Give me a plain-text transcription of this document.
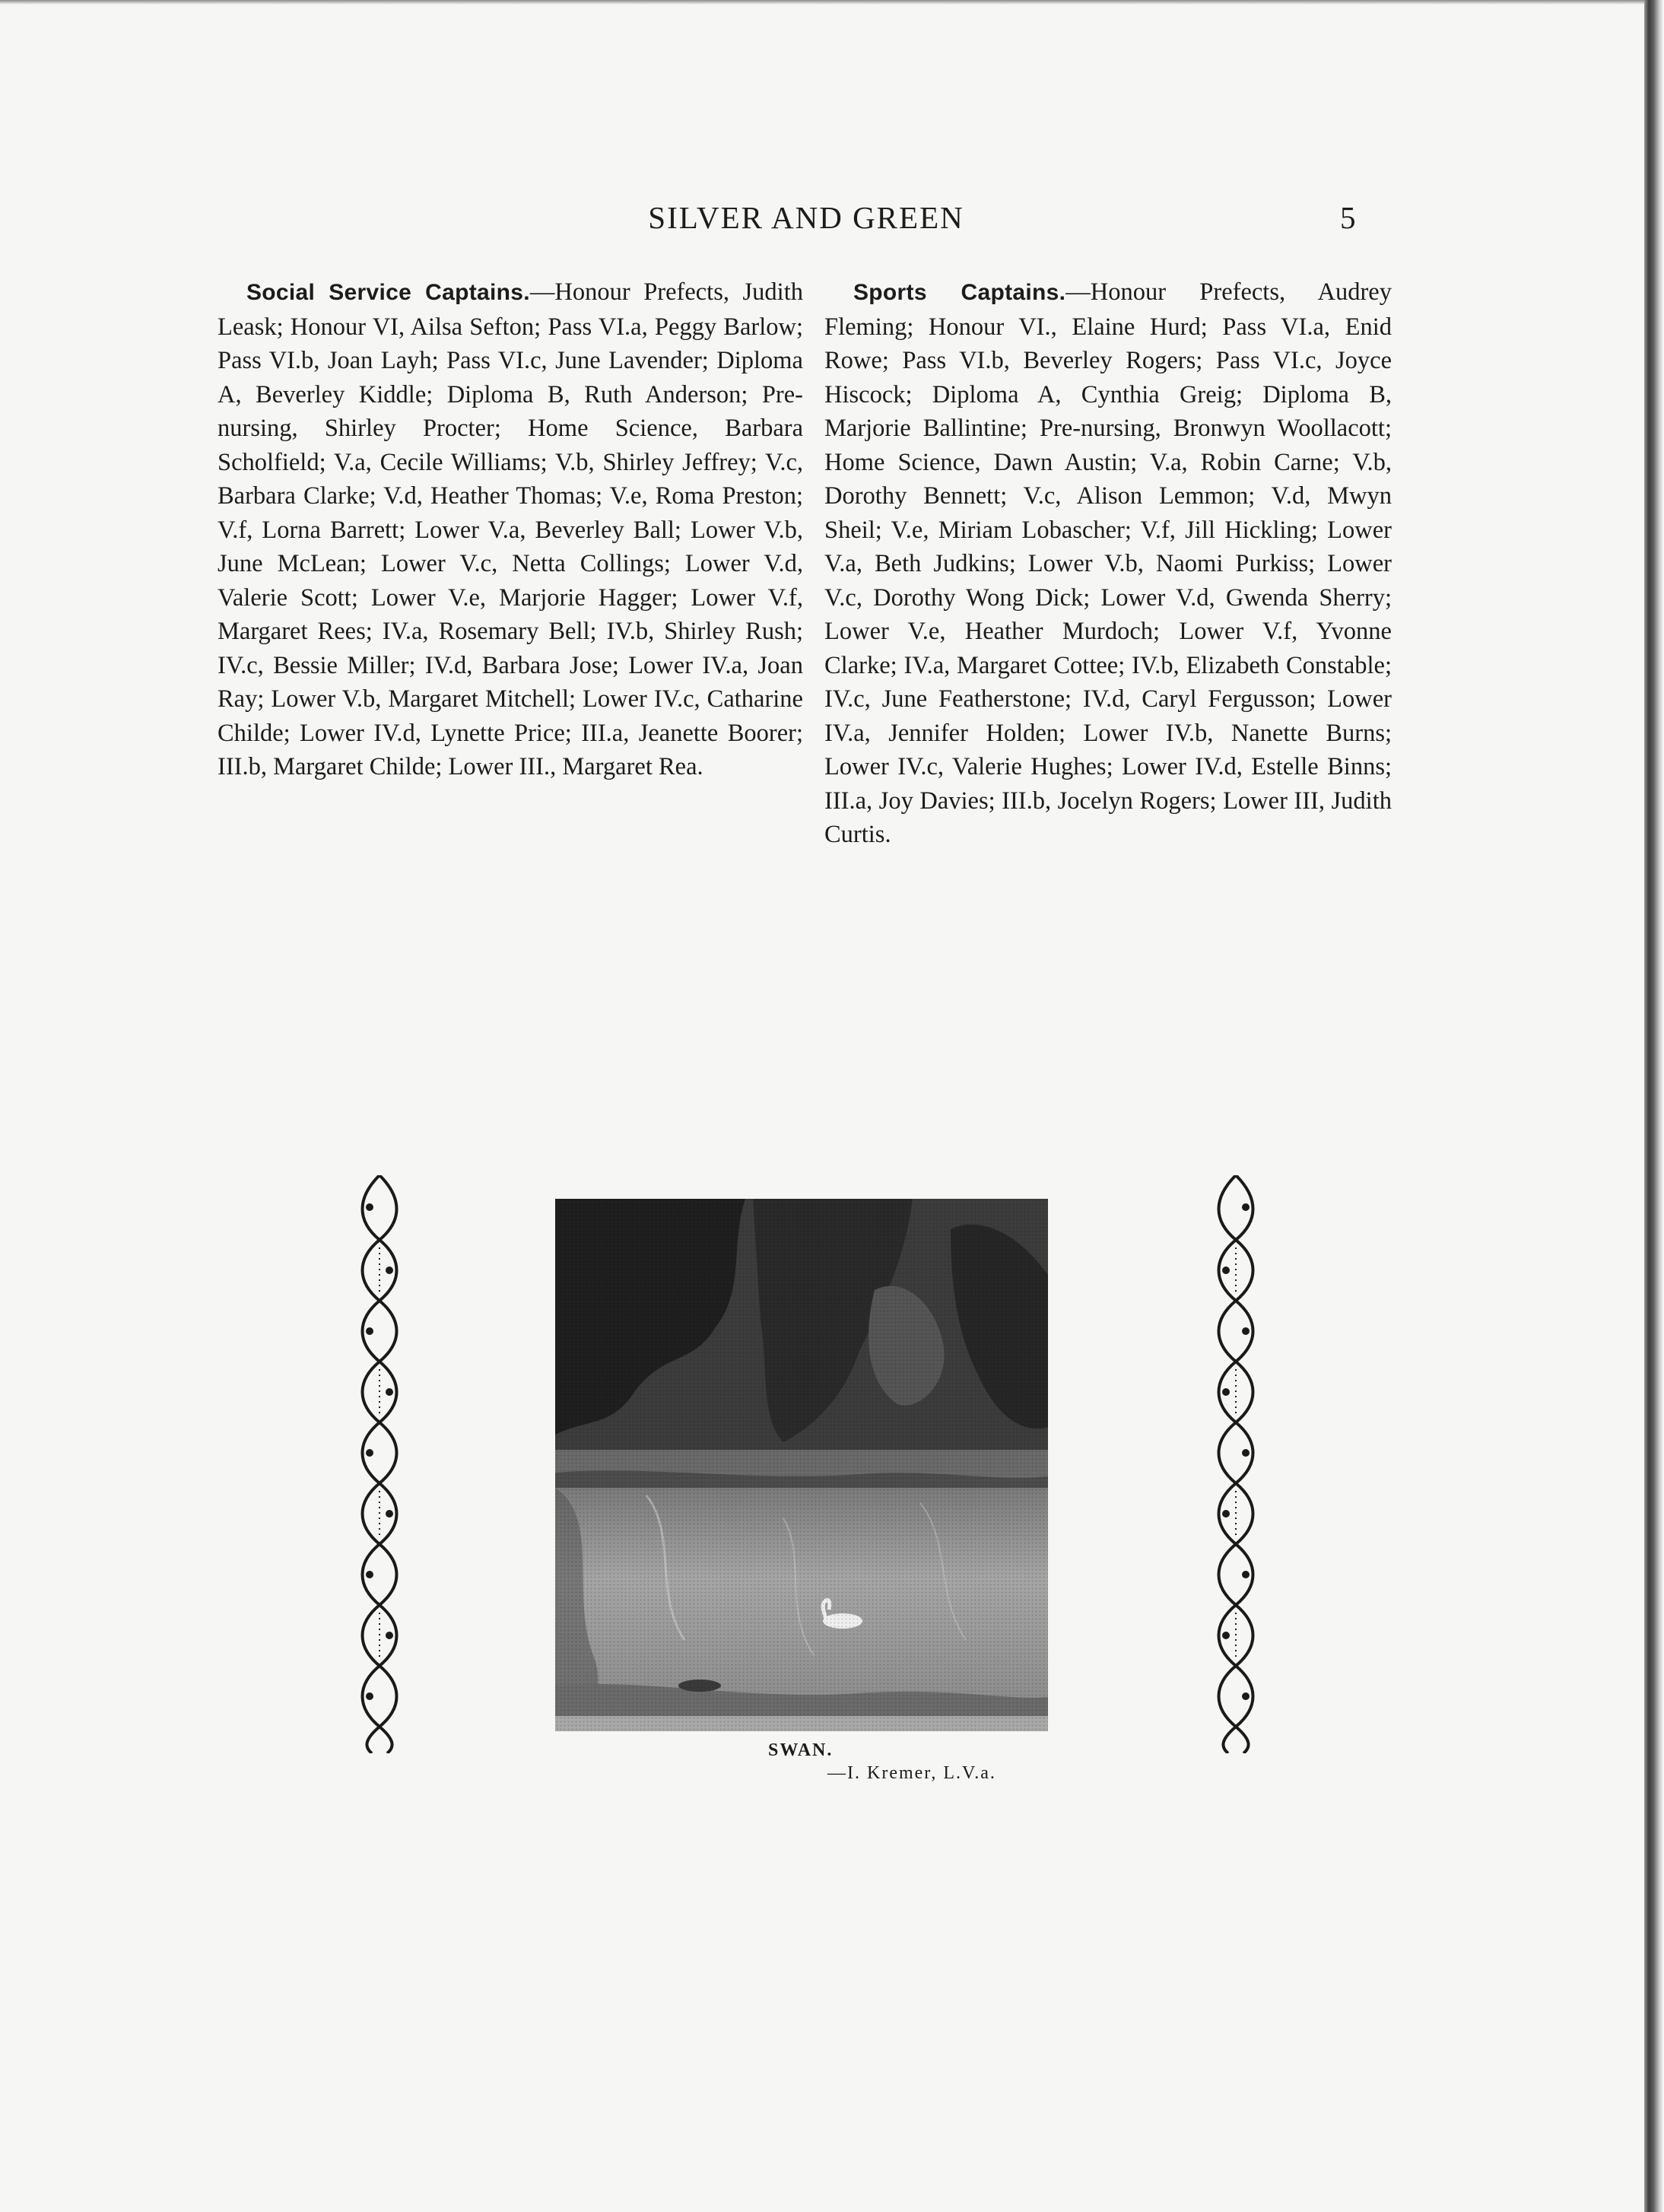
SILVER AND GREEN	5

Social Service Captains.—Honour Prefects, Judith Leask; Honour VI, Ailsa Sefton; Pass VI.a, Peggy Barlow; Pass VI.b, Joan Layh; Pass VI.c, June Lavender; Diploma A, Beverley Kiddle; Diploma B, Ruth Anderson; Pre-nursing, Shirley Procter; Home Science, Barbara Scholfield; V.a, Cecile Williams; V.b, Shirley Jeffrey; V.c, Barbara Clarke; V.d, Heather Thomas; V.e, Roma Preston; V.f, Lorna Barrett; Lower V.a, Beverley Ball; Lower V.b, June McLean; Lower V.c, Netta Collings; Lower V.d, Valerie Scott; Lower V.e, Marjorie Hagger; Lower V.f, Margaret Rees; IV.a, Rosemary Bell; IV.b, Shirley Rush; IV.c, Bessie Miller; IV.d, Barbara Jose; Lower IV.a, Joan Ray; Lower V.b, Margaret Mitchell; Lower IV.c, Catharine Childe; Lower IV.d, Lynette Price; III.a, Jeanette Boorer; III.b, Margaret Childe; Lower III., Margaret Rea.

Sports Captains.—Honour Prefects, Audrey Fleming; Honour VI., Elaine Hurd; Pass VI.a, Enid Rowe; Pass VI.b, Beverley Rogers; Pass VI.c, Joyce Hiscock; Diploma A, Cynthia Greig; Diploma B, Marjorie Ballintine; Pre-nursing, Bronwyn Woollacott; Home Science, Dawn Austin; V.a, Robin Carne; V.b, Dorothy Bennett; V.c, Alison Lemmon; V.d, Mwyn Sheil; V.e, Miriam Lobascher; V.f, Jill Hickling; Lower V.a, Beth Judkins; Lower V.b, Naomi Purkiss; Lower V.c, Dorothy Wong Dick; Lower V.d, Gwenda Sherry; Lower V.e, Heather Murdoch; Lower V.f, Yvonne Clarke; IV.a, Margaret Cottee; IV.b, Elizabeth Constable; IV.c, June Featherstone; IV.d, Caryl Fergusson; Lower IV.a, Jennifer Holden; Lower IV.b, Nanette Burns; Lower IV.c, Valerie Hughes; Lower IV.d, Estelle Binns; III.a, Joy Davies; III.b, Jocelyn Rogers; Lower III, Judith Curtis.

SWAN.
—I. Kremer, L.V.a.
